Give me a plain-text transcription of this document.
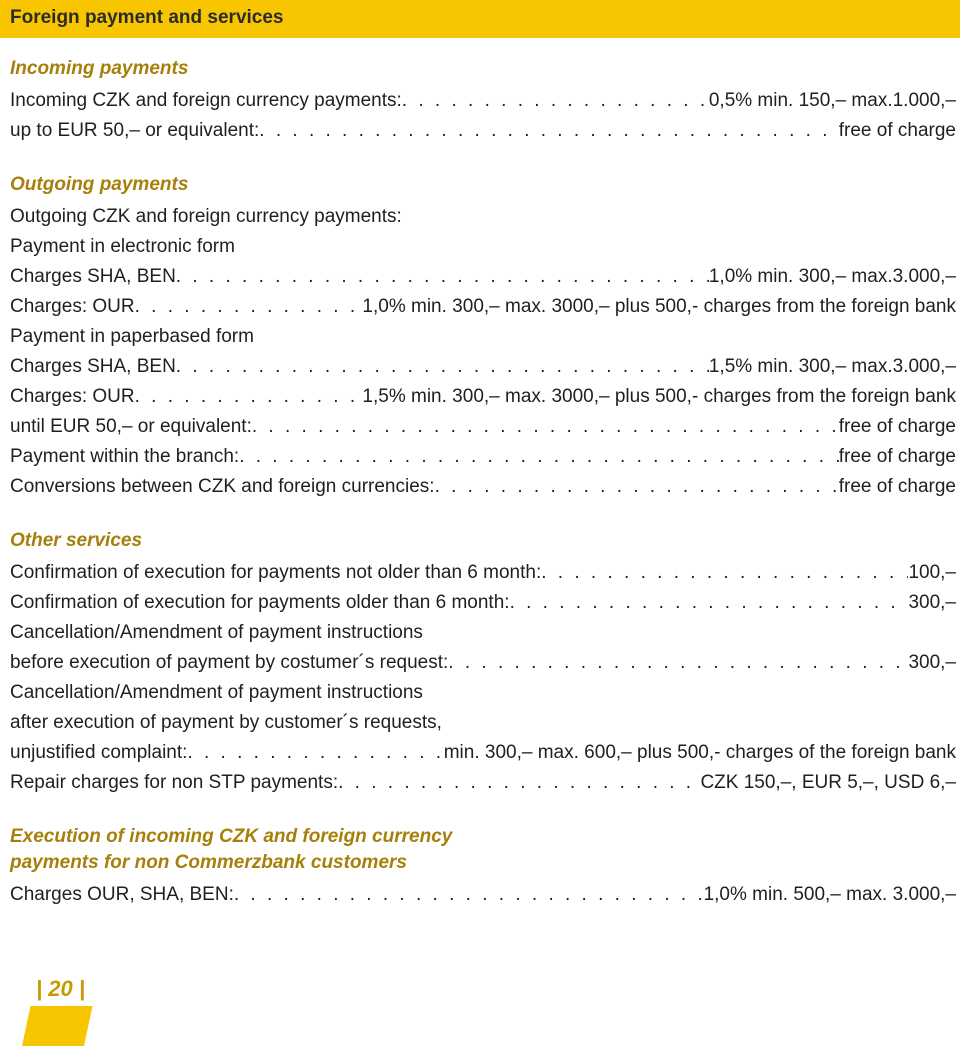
Foreign payment and services
Incoming payments
Incoming CZK and foreign currency payments: . . .	0,5% min. 150,– max.1.000,–
up to EUR 50,– or equivalent: . . .	free of charge
Outgoing payments
Outgoing CZK and foreign currency payments:
Payment in electronic form
Charges SHA, BEN . . .	1,0% min. 300,– max.3.000,–
Charges: OUR . . .	1,0% min. 300,– max. 3000,– plus 500,- charges from the foreign bank
Payment in paperbased form
Charges SHA, BEN . . .	1,5% min. 300,– max.3.000,–
Charges: OUR . . .	1,5% min. 300,– max. 3000,– plus 500,- charges from the foreign bank
until EUR 50,– or equivalent: . . .	free of charge
Payment within the branch: . . .	free of charge
Conversions between CZK and foreign currencies: . . .	free of charge
Other services
Confirmation of execution for payments not older than 6 month: . . .	100,–
Confirmation of execution for payments older than 6 month: . . .	300,–
Cancellation/Amendment of payment instructions
before execution of payment by costumer´s request: . . .	300,–
Cancellation/Amendment of payment instructions
after execution of payment by customer´s requests,
unjustified complaint: . . .	min. 300,– max. 600,– plus 500,- charges of the foreign bank
Repair charges for non STP payments: . . .	CZK 150,–, EUR 5,–, USD 6,–
Execution of incoming CZK and foreign currency
payments for non Commerzbank customers
Charges OUR, SHA, BEN: . . .	1,0% min. 500,– max. 3.000,–
| 20 |
